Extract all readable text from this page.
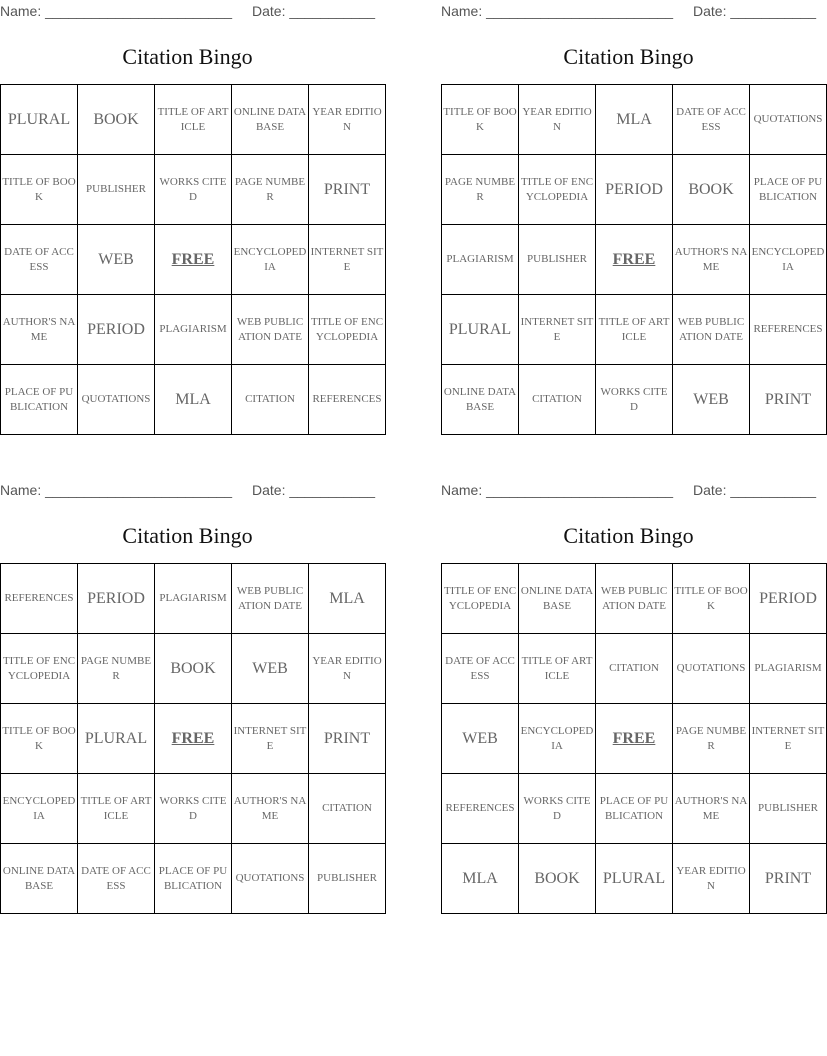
Name: ________________________ Date: ___________
Citation Bingo
PLURAL	BOOK	TITLE OF ARTICLE	ONLINE DATABASE	YEAR EDITION
TITLE OF BOOK	PUBLISHER	WORKS CITED	PAGE NUMBER	PRINT
DATE OF ACCESS	WEB	FREE	ENCYCLOPEDIA	INTERNET SITE
AUTHOR'S NAME	PERIOD	PLAGIARISM	WEB PUBLICATION DATE	TITLE OF ENCYCLOPEDIA
PLACE OF PUBLICATION	QUOTATIONS	MLA	CITATION	REFERENCES
Name: ________________________ Date: ___________
Citation Bingo
TITLE OF BOOK	YEAR EDITION	MLA	DATE OF ACCESS	QUOTATIONS
PAGE NUMBER	TITLE OF ENCYCLOPEDIA	PERIOD	BOOK	PLACE OF PUBLICATION
PLAGIARISM	PUBLISHER	FREE	AUTHOR'S NAME	ENCYCLOPEDIA
PLURAL	INTERNET SITE	TITLE OF ARTICLE	WEB PUBLICATION DATE	REFERENCES
ONLINE DATABASE	CITATION	WORKS CITED	WEB	PRINT
Name: ________________________ Date: ___________
Citation Bingo
REFERENCES	PERIOD	PLAGIARISM	WEB PUBLICATION DATE	MLA
TITLE OF ENCYCLOPEDIA	PAGE NUMBER	BOOK	WEB	YEAR EDITION
TITLE OF BOOK	PLURAL	FREE	INTERNET SITE	PRINT
ENCYCLOPEDIA	TITLE OF ARTICLE	WORKS CITED	AUTHOR'S NAME	CITATION
ONLINE DATABASE	DATE OF ACCESS	PLACE OF PUBLICATION	QUOTATIONS	PUBLISHER
Name: ________________________ Date: ___________
Citation Bingo
TITLE OF ENCYCLOPEDIA	ONLINE DATABASE	WEB PUBLICATION DATE	TITLE OF BOOK	PERIOD
DATE OF ACCESS	TITLE OF ARTICLE	CITATION	QUOTATIONS	PLAGIARISM
WEB	ENCYCLOPEDIA	FREE	PAGE NUMBER	INTERNET SITE
REFERENCES	WORKS CITED	PLACE OF PUBLICATION	AUTHOR'S NAME	PUBLISHER
MLA	BOOK	PLURAL	YEAR EDITION	PRINT
